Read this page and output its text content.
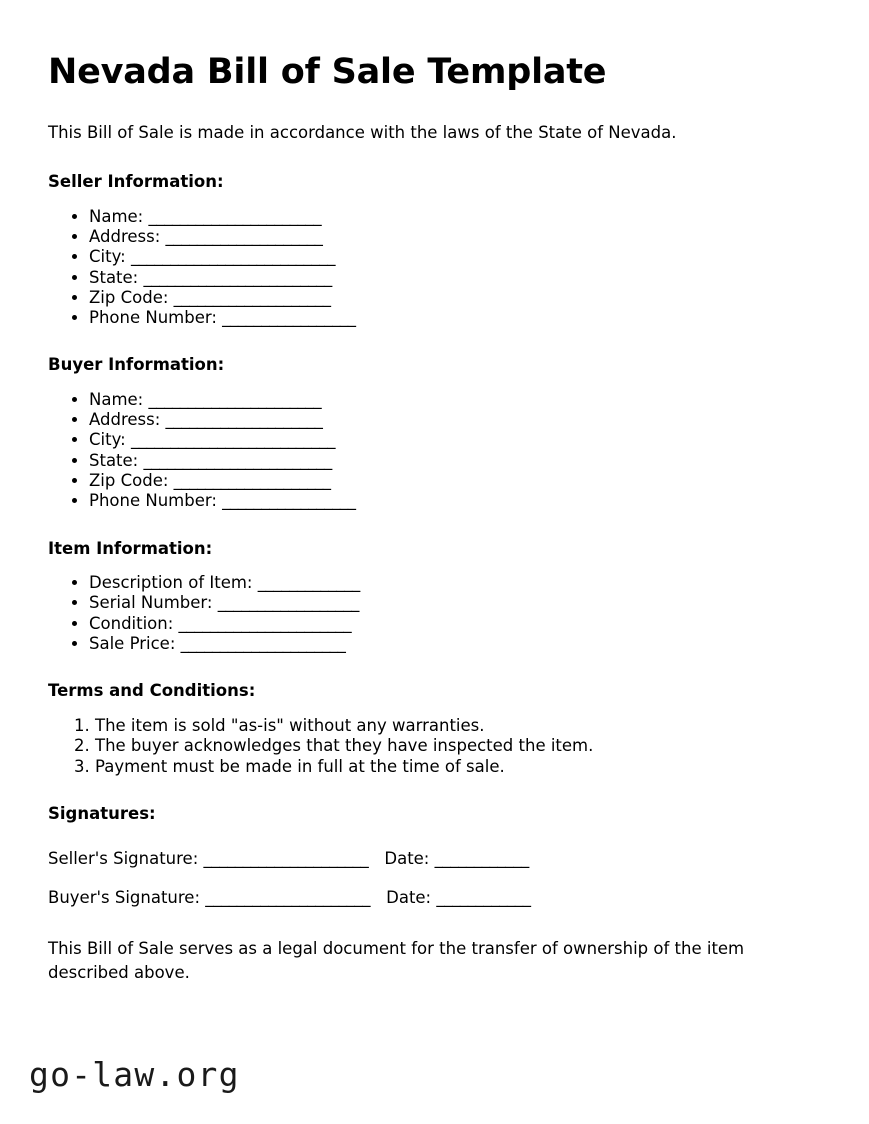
Nevada Bill of Sale Template

This Bill of Sale is made in accordance with the laws of the State of Nevada.

Seller Information:
• Name: ______________________
• Address: ____________________
• City: __________________________
• State: ________________________
• Zip Code: ____________________
• Phone Number: _________________
Buyer Information:
• Name: ______________________
• Address: ____________________
• City: __________________________
• State: ________________________
• Zip Code: ____________________
• Phone Number: _________________
Item Information:
• Description of Item: _____________
• Serial Number: __________________
• Condition: ______________________
• Sale Price: _____________________
Terms and Conditions:
1. The item is sold "as-is" without any warranties.
2. The buyer acknowledges that they have inspected the item.
3. Payment must be made in full at the time of sale.
Signatures:
Seller's Signature: _____________________ Date: ____________
Buyer's Signature: _____________________ Date: ____________

This Bill of Sale serves as a legal document for the transfer of ownership of the item described above.

go-law.org
